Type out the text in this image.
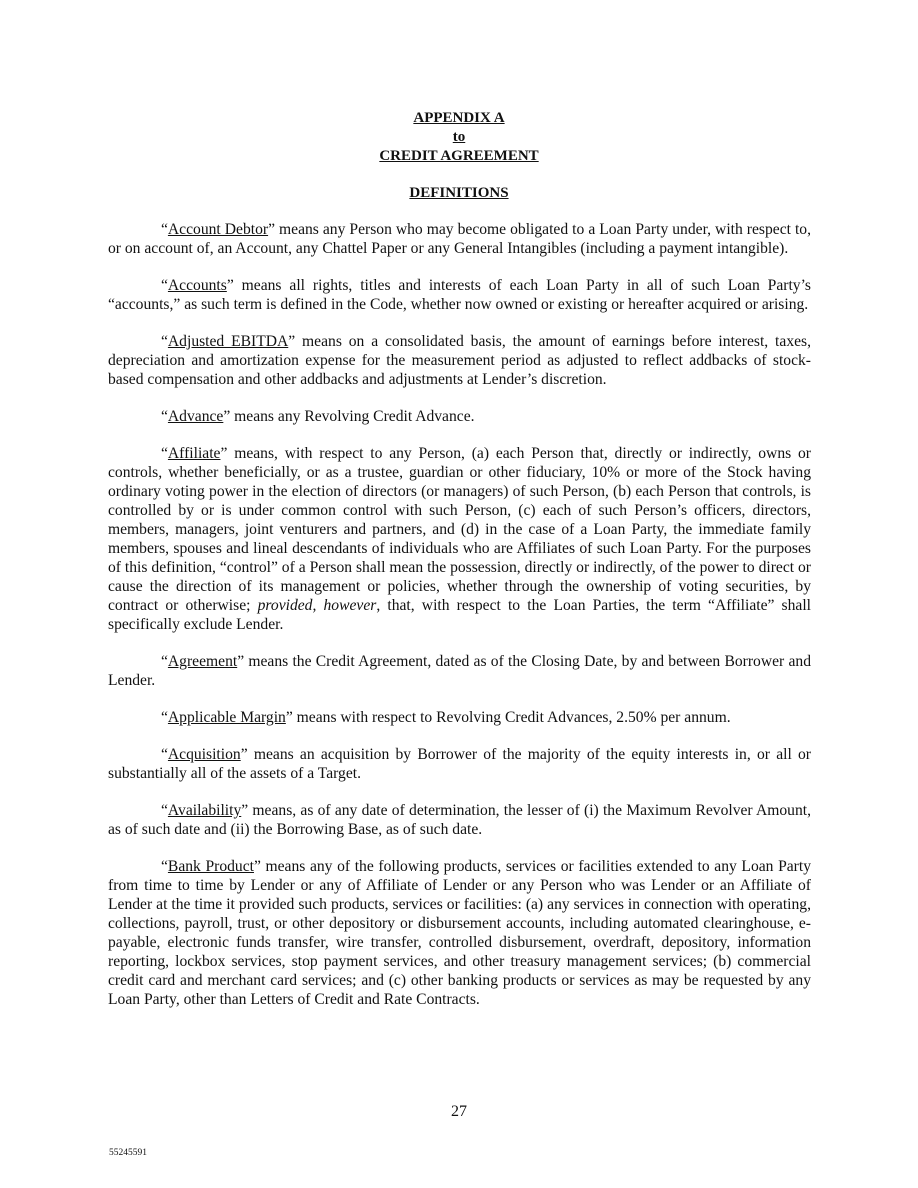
APPENDIX A
to
CREDIT AGREEMENT
DEFINITIONS

“Account Debtor” means any Person who may become obligated to a Loan Party under, with respect to, or on account of, an Account, any Chattel Paper or any General Intangibles (including a payment intangible).

“Accounts” means all rights, titles and interests of each Loan Party in all of such Loan Party’s “accounts,” as such term is defined in the Code, whether now owned or existing or hereafter acquired or arising.

“Adjusted EBITDA” means on a consolidated basis, the amount of earnings before interest, taxes, depreciation and amortization expense for the measurement period as adjusted to reflect addbacks of stock-based compensation and other addbacks and adjustments at Lender’s discretion.

“Advance” means any Revolving Credit Advance.

“Affiliate” means, with respect to any Person, (a) each Person that, directly or indirectly, owns or controls, whether beneficially, or as a trustee, guardian or other fiduciary, 10% or more of the Stock having ordinary voting power in the election of directors (or managers) of such Person, (b) each Person that controls, is controlled by or is under common control with such Person, (c) each of such Person’s officers, directors, members, managers, joint venturers and partners, and (d) in the case of a Loan Party, the immediate family members, spouses and lineal descendants of individuals who are Affiliates of such Loan Party. For the purposes of this definition, “control” of a Person shall mean the possession, directly or indirectly, of the power to direct or cause the direction of its management or policies, whether through the ownership of voting securities, by contract or otherwise; provided, however, that, with respect to the Loan Parties, the term “Affiliate” shall specifically exclude Lender.

“Agreement” means the Credit Agreement, dated as of the Closing Date, by and between Borrower and Lender.

“Applicable Margin” means with respect to Revolving Credit Advances, 2.50% per annum.

“Acquisition” means an acquisition by Borrower of the majority of the equity interests in, or all or substantially all of the assets of a Target.

“Availability” means, as of any date of determination, the lesser of (i) the Maximum Revolver Amount, as of such date and (ii) the Borrowing Base, as of such date.

“Bank Product” means any of the following products, services or facilities extended to any Loan Party from time to time by Lender or any of Affiliate of Lender or any Person who was Lender or an Affiliate of Lender at the time it provided such products, services or facilities: (a) any services in connection with operating, collections, payroll, trust, or other depository or disbursement accounts, including automated clearinghouse, e-payable, electronic funds transfer, wire transfer, controlled disbursement, overdraft, depository, information reporting, lockbox services, stop payment services, and other treasury management services; (b) commercial credit card and merchant card services; and (c) other banking products or services as may be requested by any Loan Party, other than Letters of Credit and Rate Contracts.

27
55245591
